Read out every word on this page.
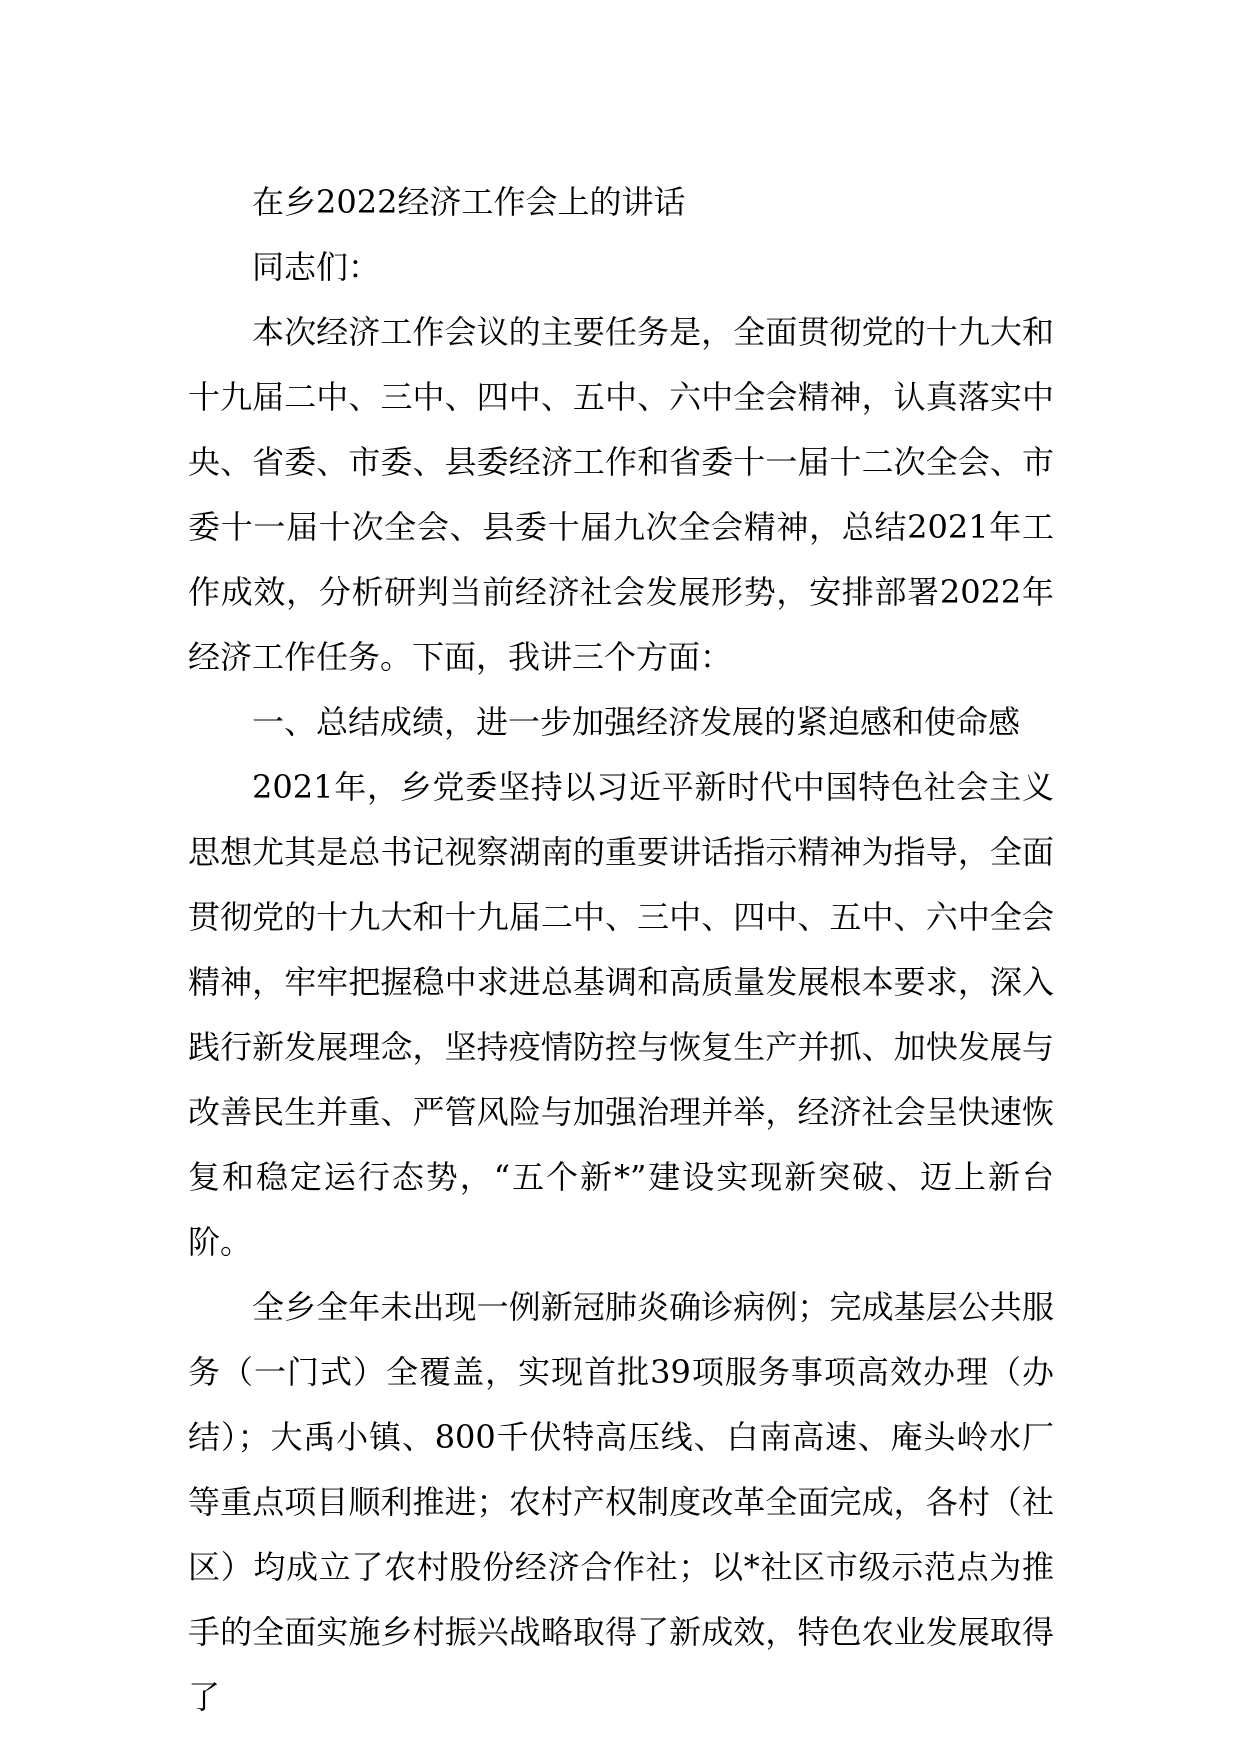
在乡2022经济工作会上的讲话

同志们：

本次经济工作会议的主要任务是，全面贯彻党的十九大和十九届二中、三中、四中、五中、六中全会精神，认真落实中央、省委、市委、县委经济工作和省委十一届十二次全会、市委十一届十次全会、县委十届九次全会精神，总结2021年工作成效，分析研判当前经济社会发展形势，安排部署2022年经济工作任务。下面，我讲三个方面：

一、总结成绩，进一步加强经济发展的紧迫感和使命感

2021年，乡党委坚持以习近平新时代中国特色社会主义思想尤其是总书记视察湖南的重要讲话指示精神为指导，全面贯彻党的十九大和十九届二中、三中、四中、五中、六中全会精神，牢牢把握稳中求进总基调和高质量发展根本要求，深入践行新发展理念，坚持疫情防控与恢复生产并抓、加快发展与改善民生并重、严管风险与加强治理并举，经济社会呈快速恢复和稳定运行态势，“五个新*”建设实现新突破、迈上新台阶。

全乡全年未出现一例新冠肺炎确诊病例；完成基层公共服务（一门式）全覆盖，实现首批39项服务事项高效办理（办结）；大禹小镇、800千伏特高压线、白南高速、庵头岭水厂等重点项目顺利推进；农村产权制度改革全面完成，各村（社区）均成立了农村股份经济合作社；以*社区市级示范点为推手的全面实施乡村振兴战略取得了新成效，特色农业发展取得了
